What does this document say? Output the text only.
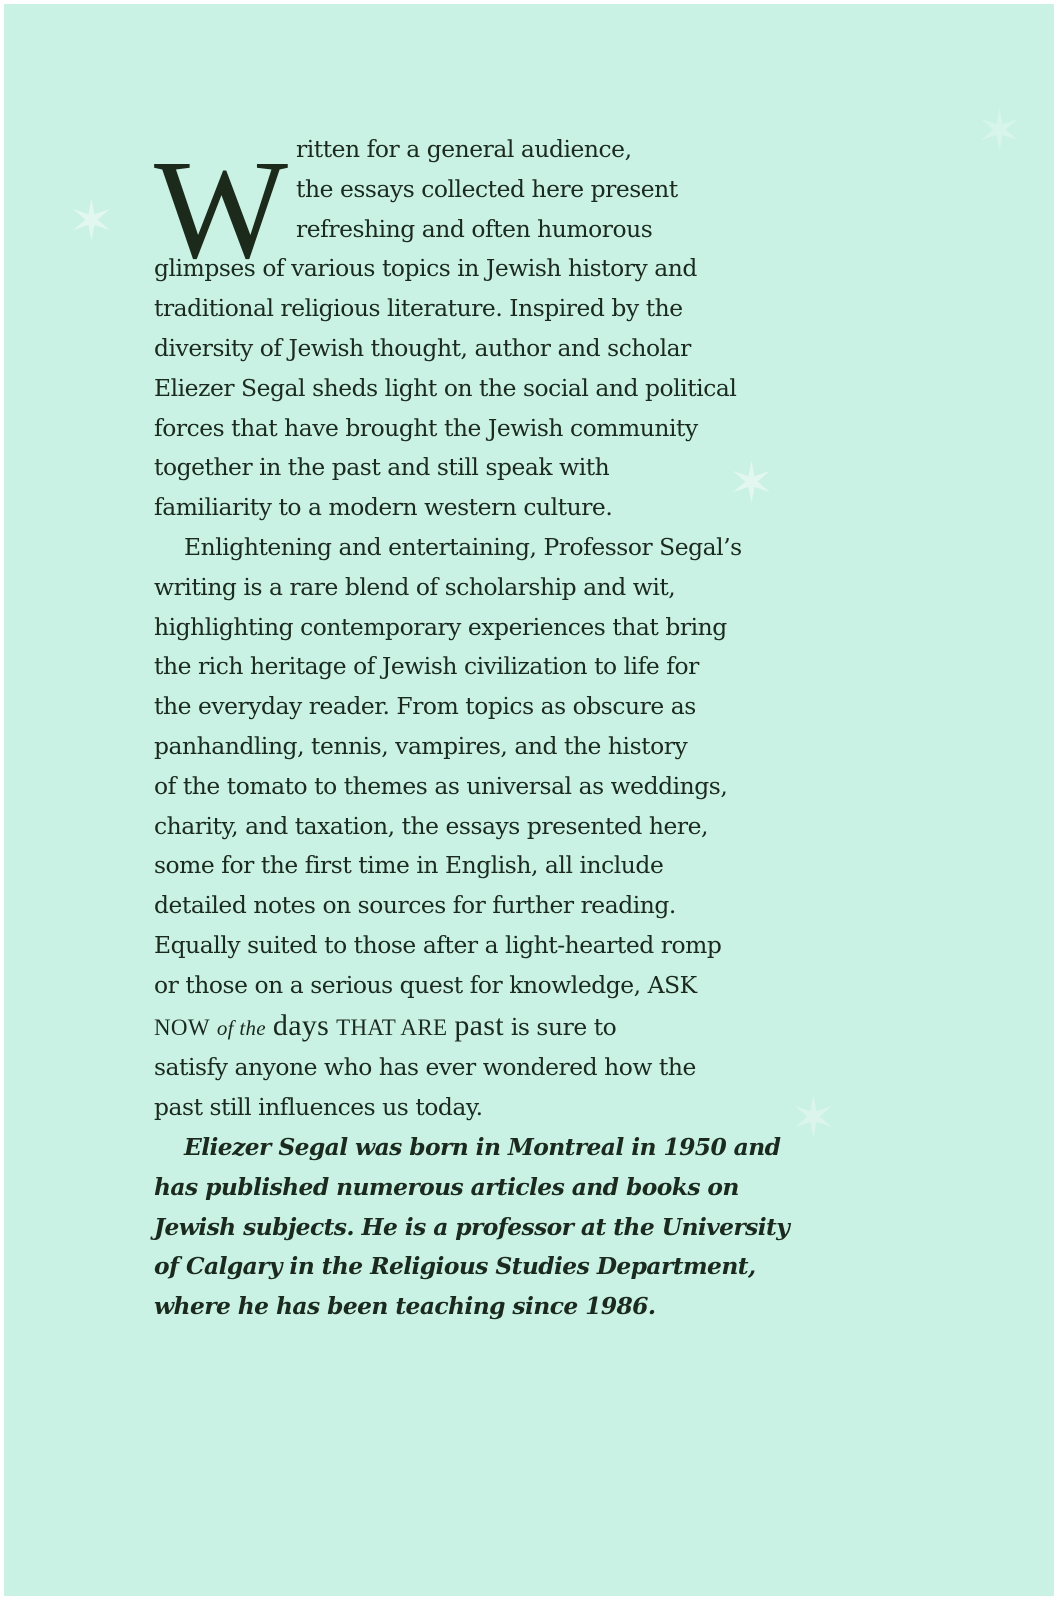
✶
✶
✶
✶
W ritten for a general audience,
the essays collected here present
refreshing and often humorous
glimpses of various topics in Jewish history and
traditional religious literature. Inspired by the
diversity of Jewish thought, author and scholar
Eliezer Segal sheds light on the social and political
forces that have brought the Jewish community
together in the past and still speak with
familiarity to a modern western culture.
Enlightening and entertaining, Professor Segal’s
writing is a rare blend of scholarship and wit,
highlighting contemporary experiences that bring
the rich heritage of Jewish civilization to life for
the everyday reader. From topics as obscure as
panhandling, tennis, vampires, and the history
of the tomato to themes as universal as weddings,
charity, and taxation, the essays presented here,
some for the first time in English, all include
detailed notes on sources for further reading.
Equally suited to those after a light-hearted romp
or those on a serious quest for knowledge, ASK
NOW of the days THAT ARE past is sure to
satisfy anyone who has ever wondered how the
past still influences us today.
Eliezer Segal was born in Montreal in 1950 and
has published numerous articles and books on
Jewish subjects. He is a professor at the University
of Calgary in the Religious Studies Department,
where he has been teaching since 1986.
